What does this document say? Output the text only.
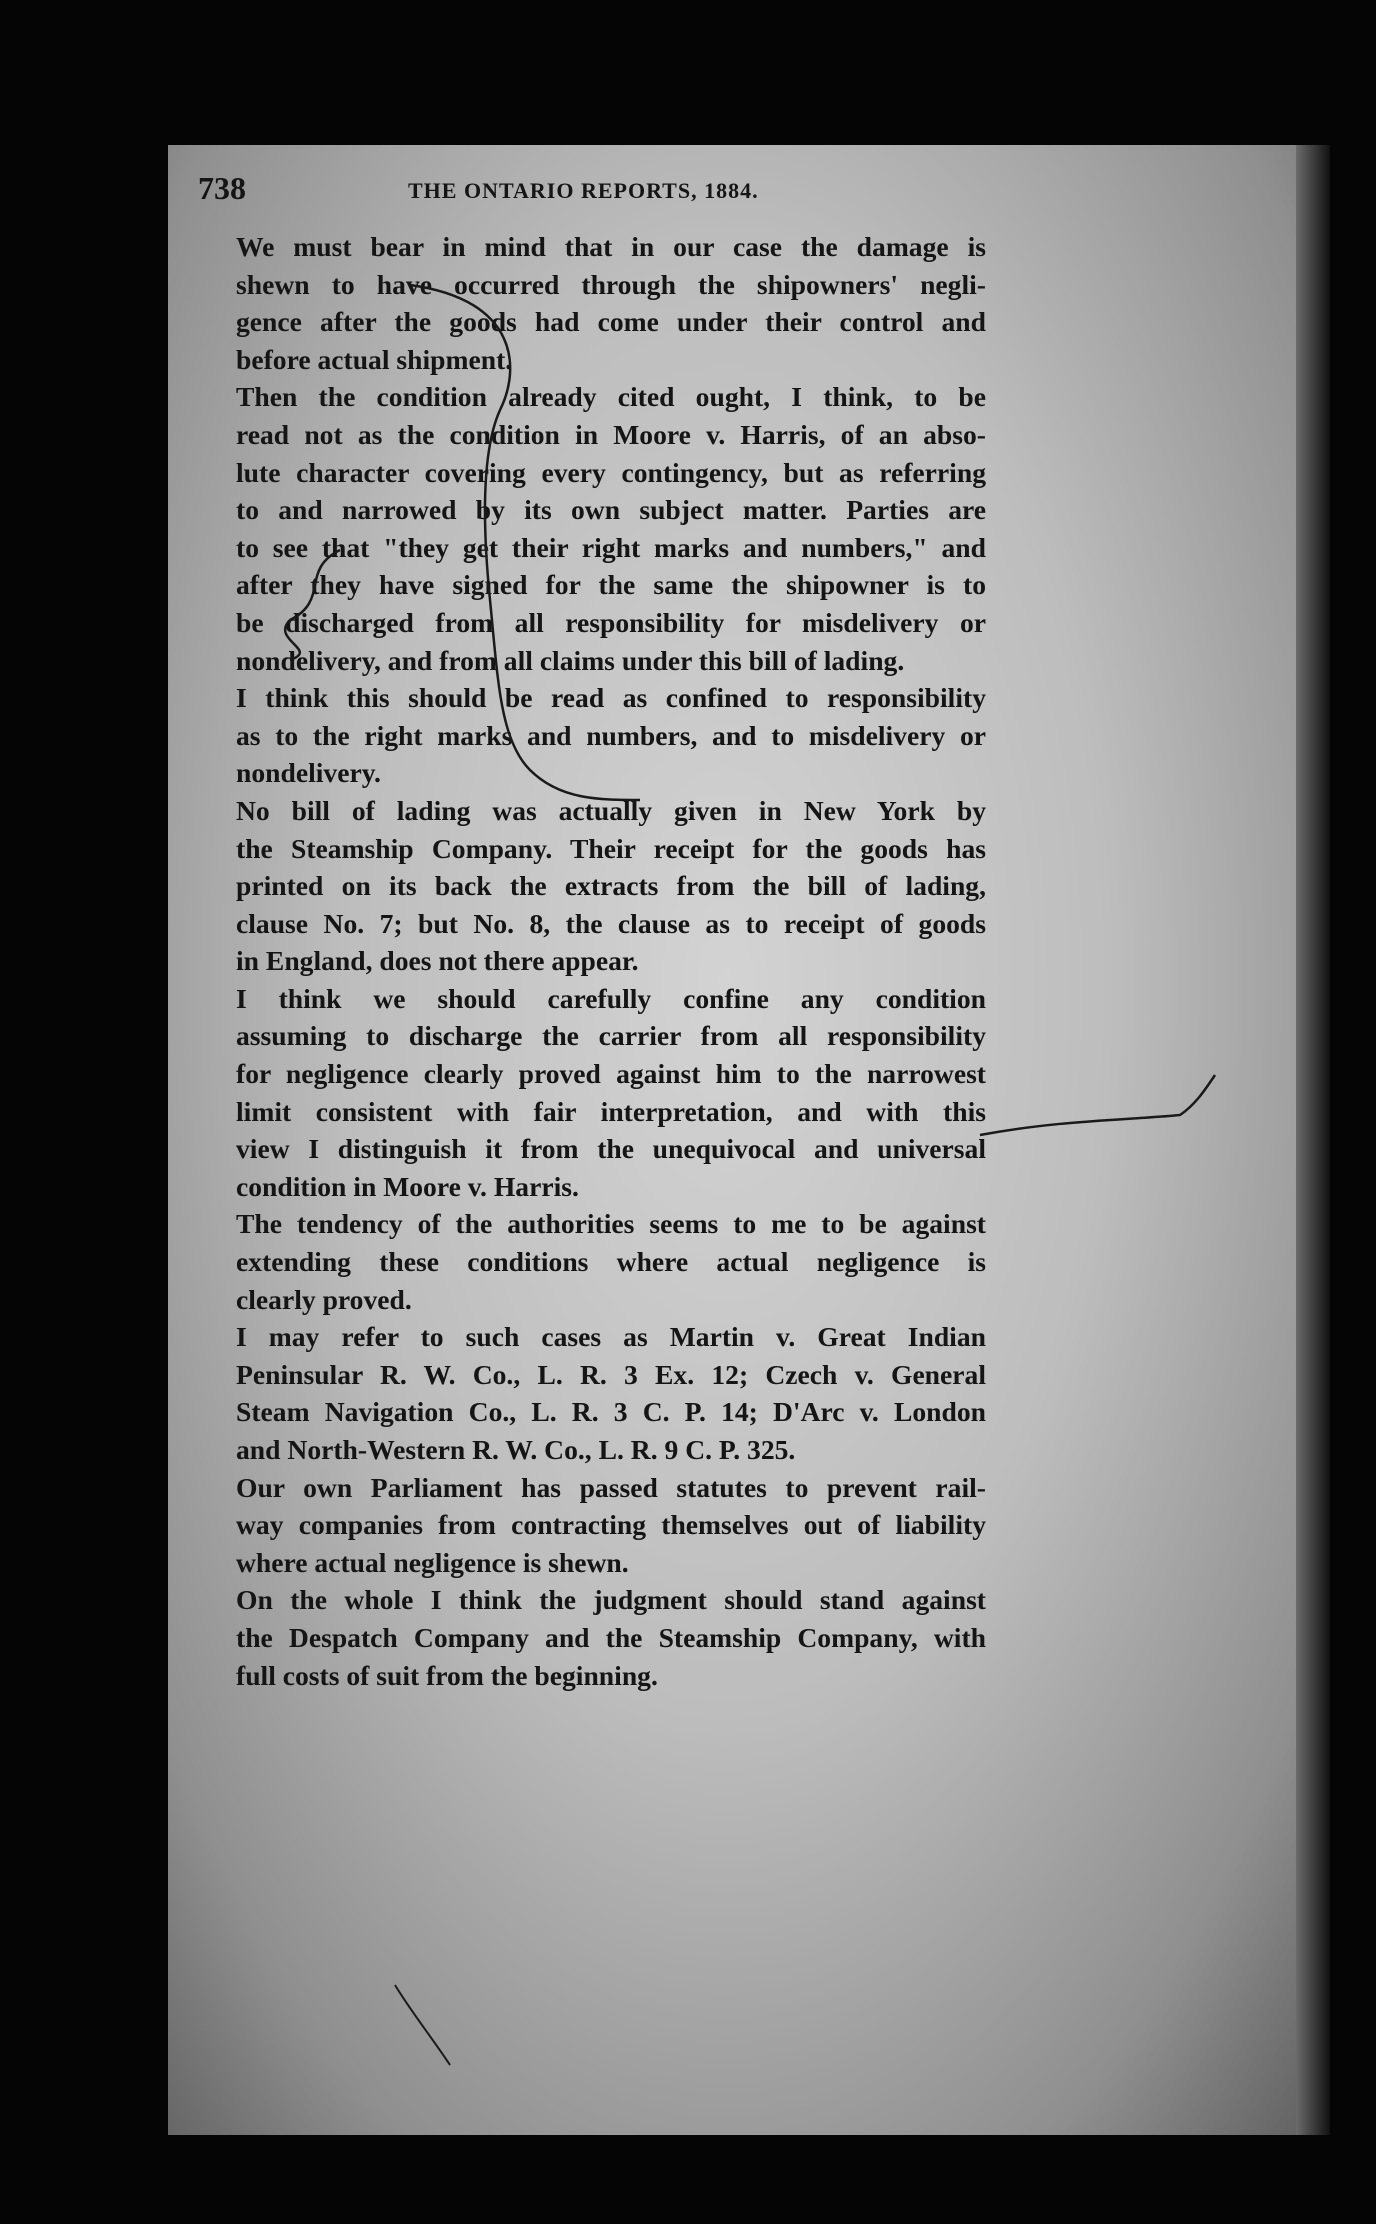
738	THE ONTARIO REPORTS, 1884.

We must bear in mind that in our case the damage is
shewn to have occurred through the shipowners' negli-
gence after the goods had come under their control and
before actual shipment.

Then the condition already cited ought, I think, to be
read not as the condition in Moore v. Harris, of an abso-
lute character covering every contingency, but as referring
to and narrowed by its own subject matter. Parties are
to see that "they get their right marks and numbers," and
after they have signed for the same the shipowner is to
be discharged from all responsibility for misdelivery or
nondelivery, and from all claims under this bill of lading.

I think this should be read as confined to responsibility
as to the right marks and numbers, and to misdelivery or
nondelivery.

No bill of lading was actually given in New York by
the Steamship Company. Their receipt for the goods has
printed on its back the extracts from the bill of lading,
clause No. 7; but No. 8, the clause as to receipt of goods
in England, does not there appear.

I think we should carefully confine any condition
assuming to discharge the carrier from all responsibility
for negligence clearly proved against him to the narrowest
limit consistent with fair interpretation, and with this
view I distinguish it from the unequivocal and universal
condition in Moore v. Harris.

The tendency of the authorities seems to me to be against
extending these conditions where actual negligence is
clearly proved.

I may refer to such cases as Martin v. Great Indian
Peninsular R. W. Co., L. R. 3 Ex. 12; Czech v. General
Steam Navigation Co., L. R. 3 C. P. 14; D'Arc v. London
and North-Western R. W. Co., L. R. 9 C. P. 325.

Our own Parliament has passed statutes to prevent rail-
way companies from contracting themselves out of liability
where actual negligence is shewn.

On the whole I think the judgment should stand against
the Despatch Company and the Steamship Company, with
full costs of suit from the beginning.
